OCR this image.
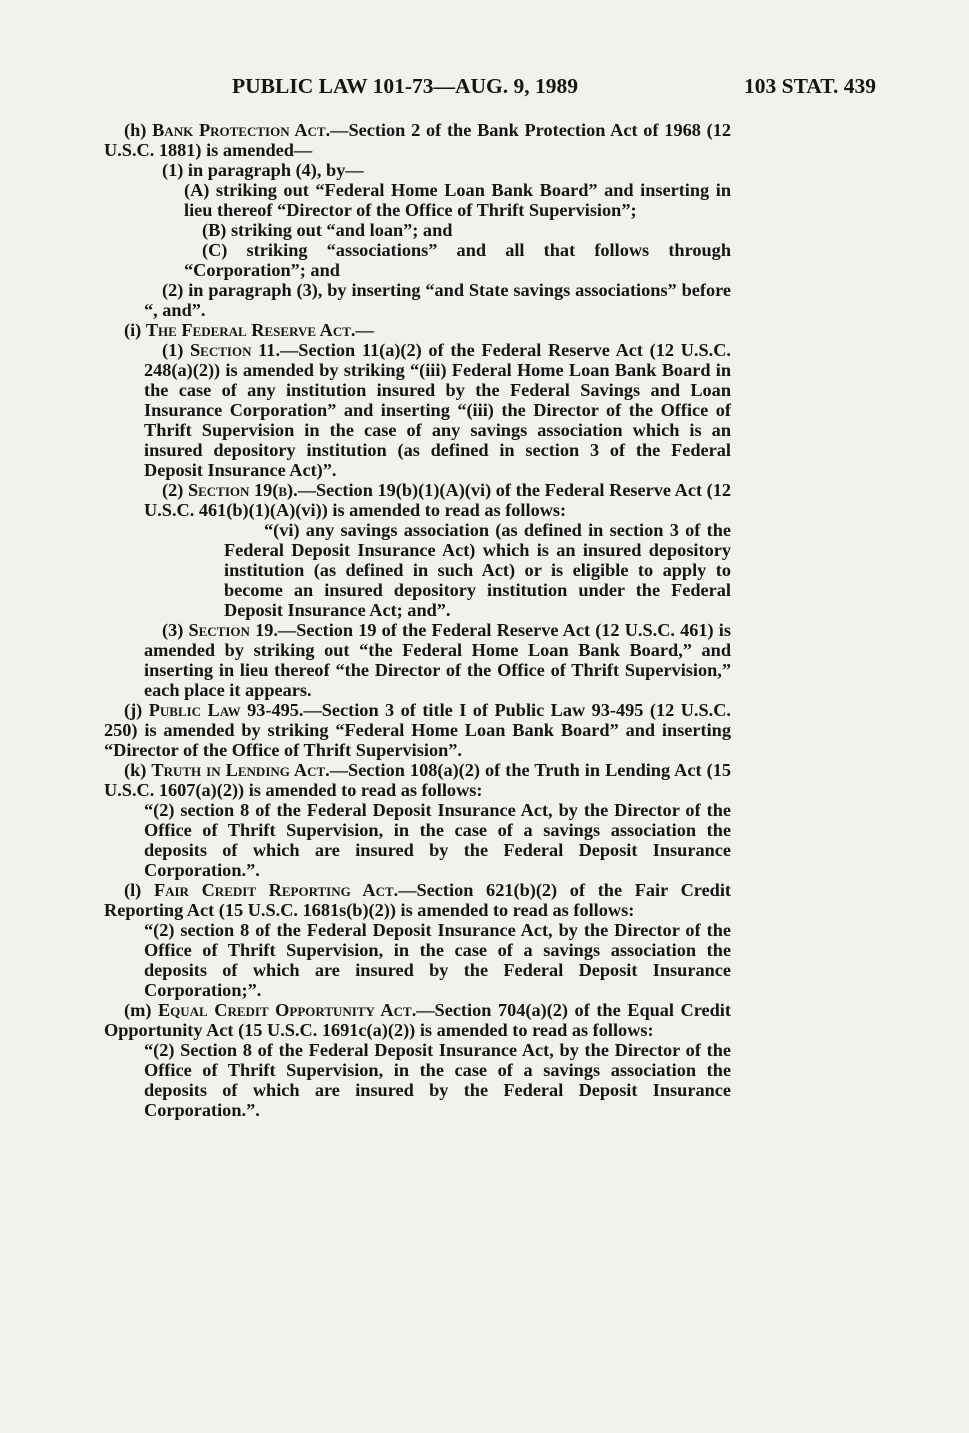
PUBLIC LAW 101-73—AUG. 9, 1989	103 STAT. 439

(h) Bank Protection Act.—Section 2 of the Bank Protection Act of 1968 (12 U.S.C. 1881) is amended—

(1) in paragraph (4), by—

(A) striking out “Federal Home Loan Bank Board” and inserting in lieu thereof “Director of the Office of Thrift Supervision”;

(B) striking out “and loan”; and

(C) striking “associations” and all that follows through “Corporation”; and

(2) in paragraph (3), by inserting “and State savings associations” before “, and”.

(i) The Federal Reserve Act.—

(1) Section 11.—Section 11(a)(2) of the Federal Reserve Act (12 U.S.C. 248(a)(2)) is amended by striking “(iii) Federal Home Loan Bank Board in the case of any institution insured by the Federal Savings and Loan Insurance Corporation” and inserting “(iii) the Director of the Office of Thrift Supervision in the case of any savings association which is an insured depository institution (as defined in section 3 of the Federal Deposit Insurance Act)”.

(2) Section 19(b).—Section 19(b)(1)(A)(vi) of the Federal Reserve Act (12 U.S.C. 461(b)(1)(A)(vi)) is amended to read as follows:

“(vi) any savings association (as defined in section 3 of the Federal Deposit Insurance Act) which is an insured depository institution (as defined in such Act) or is eligible to apply to become an insured depository institution under the Federal Deposit Insurance Act; and”.

(3) Section 19.—Section 19 of the Federal Reserve Act (12 U.S.C. 461) is amended by striking out “the Federal Home Loan Bank Board,” and inserting in lieu thereof “the Director of the Office of Thrift Supervision,” each place it appears.

(j) Public Law 93-495.—Section 3 of title I of Public Law 93-495 (12 U.S.C. 250) is amended by striking “Federal Home Loan Bank Board” and inserting “Director of the Office of Thrift Supervision”.

(k) Truth in Lending Act.—Section 108(a)(2) of the Truth in Lending Act (15 U.S.C. 1607(a)(2)) is amended to read as follows:

“(2) section 8 of the Federal Deposit Insurance Act, by the Director of the Office of Thrift Supervision, in the case of a savings association the deposits of which are insured by the Federal Deposit Insurance Corporation.”.

(l) Fair Credit Reporting Act.—Section 621(b)(2) of the Fair Credit Reporting Act (15 U.S.C. 1681s(b)(2)) is amended to read as follows:

“(2) section 8 of the Federal Deposit Insurance Act, by the Director of the Office of Thrift Supervision, in the case of a savings association the deposits of which are insured by the Federal Deposit Insurance Corporation;”.

(m) Equal Credit Opportunity Act.—Section 704(a)(2) of the Equal Credit Opportunity Act (15 U.S.C. 1691c(a)(2)) is amended to read as follows:

“(2) Section 8 of the Federal Deposit Insurance Act, by the Director of the Office of Thrift Supervision, in the case of a savings association the deposits of which are insured by the Federal Deposit Insurance Corporation.”.
